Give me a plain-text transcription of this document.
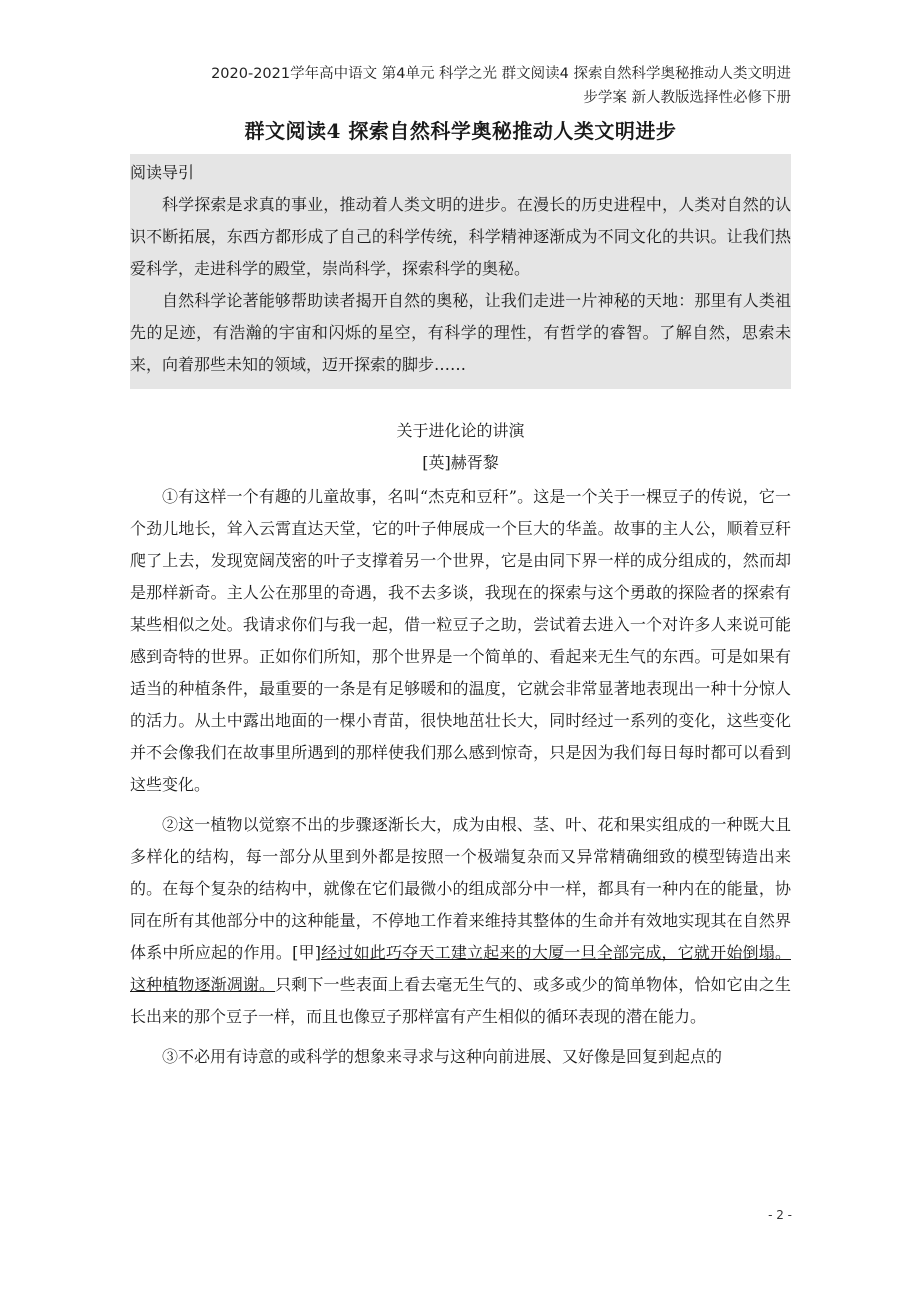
2020-2021学年高中语文 第4单元 科学之光 群文阅读4 探索自然科学奥秘推动人类文明进
步学案 新人教版选择性必修下册
群文阅读4 探索自然科学奥秘推动人类文明进步
阅读导引

科学探索是求真的事业，推动着人类文明的进步。在漫长的历史进程中，人类对自然的认识不断拓展，东西方都形成了自己的科学传统，科学精神逐渐成为不同文化的共识。让我们热爱科学，走进科学的殿堂，崇尚科学，探索科学的奥秘。

自然科学论著能够帮助读者揭开自然的奥秘，让我们走进一片神秘的天地：那里有人类祖先的足迹，有浩瀚的宇宙和闪烁的星空，有科学的理性，有哲学的睿智。了解自然，思索未来，向着那些未知的领域，迈开探索的脚步……

关于进化论的讲演
[英]赫胥黎

①有这样一个有趣的儿童故事，名叫“杰克和豆秆”。这是一个关于一棵豆子的传说，它一个劲儿地长，耸入云霄直达天堂，它的叶子伸展成一个巨大的华盖。故事的主人公，顺着豆秆爬了上去，发现宽阔茂密的叶子支撑着另一个世界，它是由同下界一样的成分组成的，然而却是那样新奇。主人公在那里的奇遇，我不去多谈，我现在的探索与这个勇敢的探险者的探索有某些相似之处。我请求你们与我一起，借一粒豆子之助，尝试着去进入一个对许多人来说可能感到奇特的世界。正如你们所知，那个世界是一个简单的、看起来无生气的东西。可是如果有适当的种植条件，最重要的一条是有足够暖和的温度，它就会非常显著地表现出一种十分惊人的活力。从土中露出地面的一棵小青苗，很快地茁壮长大，同时经过一系列的变化，这些变化并不会像我们在故事里所遇到的那样使我们那么感到惊奇，只是因为我们每日每时都可以看到这些变化。

②这一植物以觉察不出的步骤逐渐长大，成为由根、茎、叶、花和果实组成的一种既大且多样化的结构，每一部分从里到外都是按照一个极端复杂而又异常精确细致的模型铸造出来的。在每个复杂的结构中，就像在它们最微小的组成部分中一样，都具有一种内在的能量，协同在所有其他部分中的这种能量，不停地工作着来维持其整体的生命并有效地实现其在自然界体系中所应起的作用。[甲]经过如此巧夺天工建立起来的大厦一旦全部完成，它就开始倒塌。这种植物逐渐凋谢。只剩下一些表面上看去毫无生气的、或多或少的简单物体，恰如它由之生长出来的那个豆子一样，而且也像豆子那样富有产生相似的循环表现的潜在能力。

③不必用有诗意的或科学的想象来寻求与这种向前进展、又好像是回复到起点的

- 2 -
